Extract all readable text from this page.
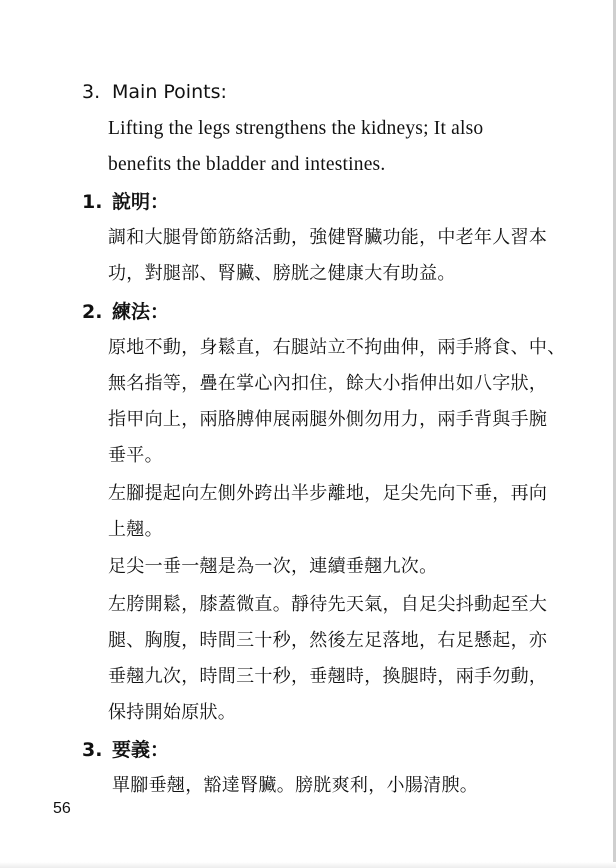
3. Main Points:
Lifting the legs strengthens the kidneys; It also
benefits the bladder and intestines.
1. 說明：
調和大腿骨節筋絡活動，強健腎臟功能，中老年人習本
功，對腿部、腎臟、膀胱之健康大有助益。
2. 練法：
原地不動，身鬆直，右腿站立不拘曲伸，兩手將食、中、
無名指等，疊在掌心內扣住，餘大小指伸出如八字狀，
指甲向上，兩胳膊伸展兩腿外側勿用力，兩手背與手腕
垂平。
左腳提起向左側外跨出半步離地，足尖先向下垂，再向
上翹。
足尖一垂一翹是為一次，連續垂翹九次。
左胯開鬆，膝蓋微直。靜待先天氣，自足尖抖動起至大
腿、胸腹，時間三十秒，然後左足落地，右足懸起，亦
垂翹九次，時間三十秒，垂翹時，換腿時，兩手勿動，
保持開始原狀。
3. 要義：
單腳垂翹，豁達腎臟。膀胱爽利，小腸清腴。
56
